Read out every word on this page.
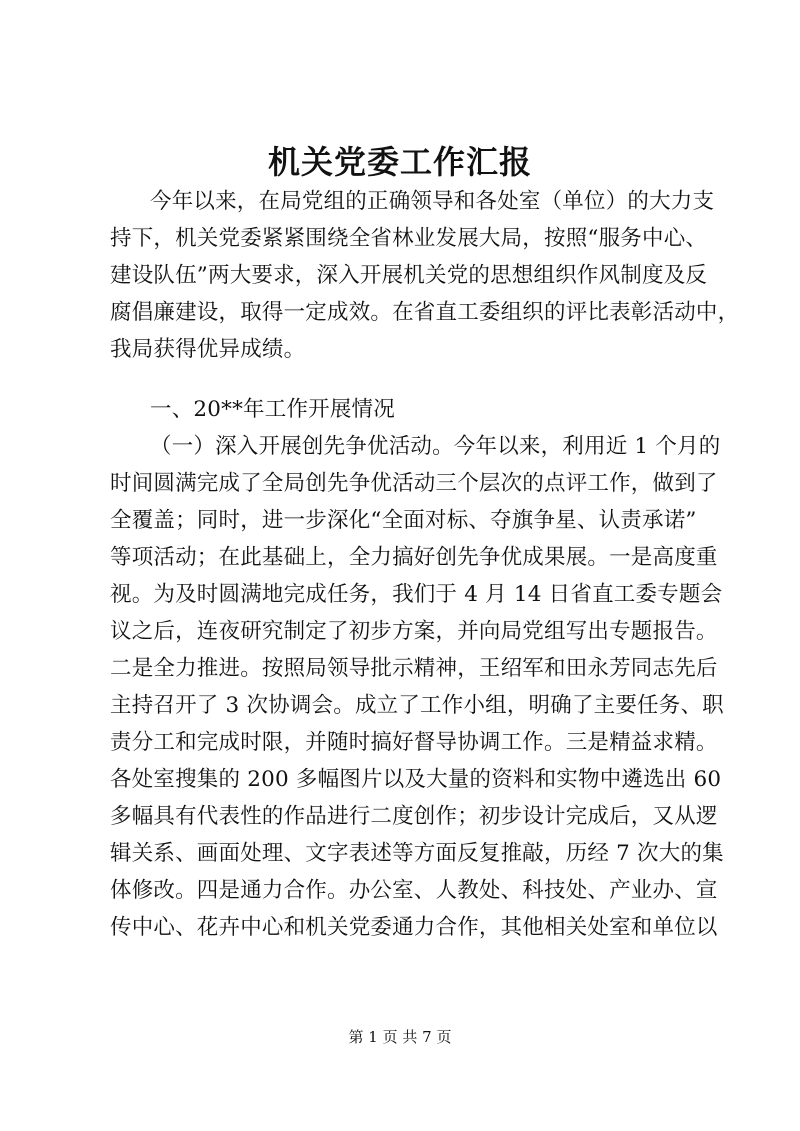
机关党委工作汇报
今年以来，在局党组的正确领导和各处室（单位）的大力支
持下，机关党委紧紧围绕全省林业发展大局，按照“服务中心、
建设队伍”两大要求，深入开展机关党的思想组织作风制度及反
腐倡廉建设，取得一定成效。在省直工委组织的评比表彰活动中，
我局获得优异成绩。
一、20**年工作开展情况
（一）深入开展创先争优活动。今年以来，利用近 1 个月的
时间圆满完成了全局创先争优活动三个层次的点评工作，做到了
全覆盖；同时，进一步深化“全面对标、夺旗争星、认责承诺”
等项活动；在此基础上，全力搞好创先争优成果展。一是高度重
视。为及时圆满地完成任务，我们于 4 月 14 日省直工委专题会
议之后，连夜研究制定了初步方案，并向局党组写出专题报告。
二是全力推进。按照局领导批示精神，王绍军和田永芳同志先后
主持召开了 3 次协调会。成立了工作小组，明确了主要任务、职
责分工和完成时限，并随时搞好督导协调工作。三是精益求精。
各处室搜集的 200 多幅图片以及大量的资料和实物中遴选出 60
多幅具有代表性的作品进行二度创作；初步设计完成后，又从逻
辑关系、画面处理、文字表述等方面反复推敲，历经 7 次大的集
体修改。四是通力合作。办公室、人教处、科技处、产业办、宣
传中心、花卉中心和机关党委通力合作，其他相关处室和单位以
第 1 页 共 7 页
